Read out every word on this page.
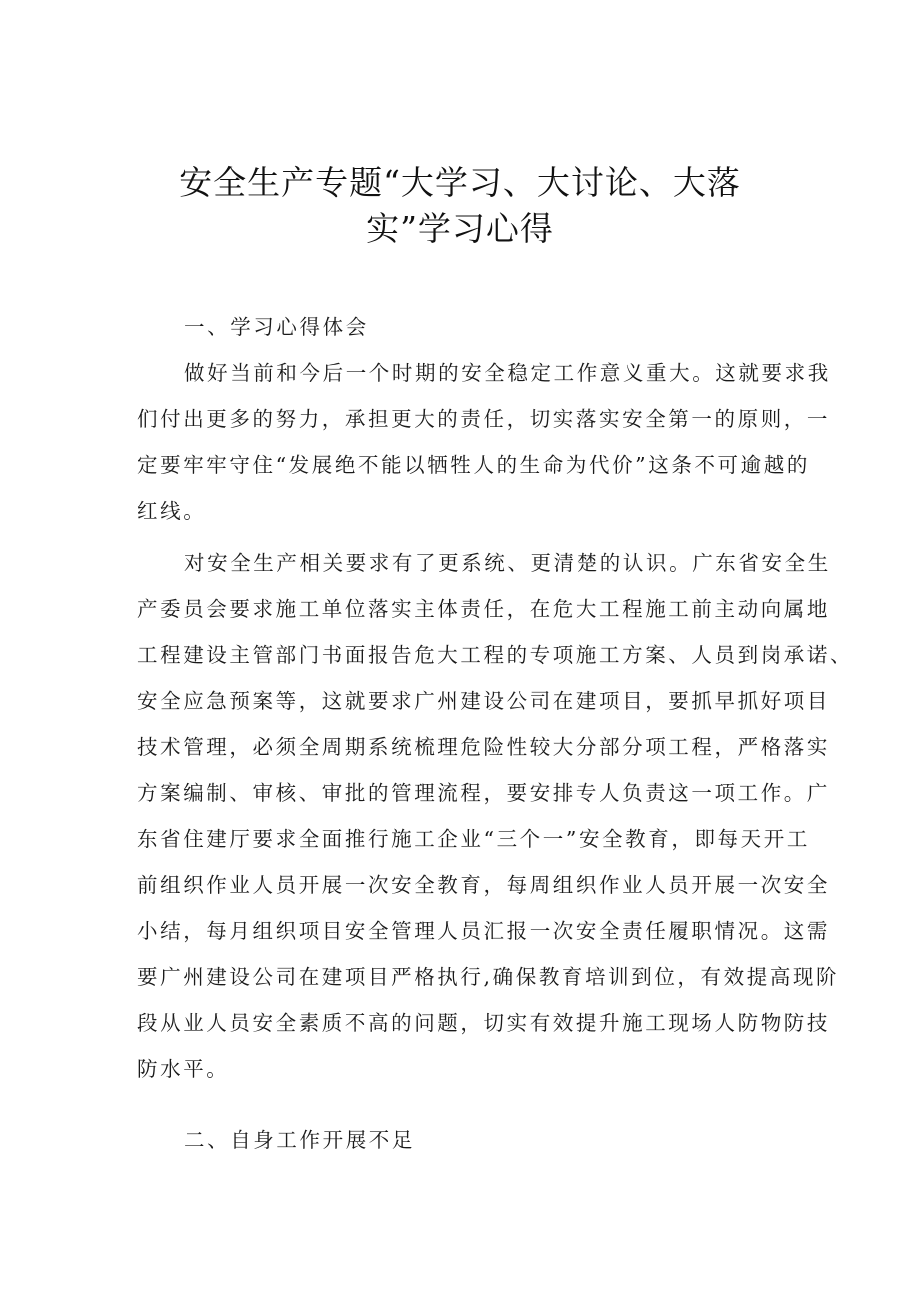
安全生产专题“大学习、大讨论、大落
实”学习心得
一、学习心得体会
做好当前和今后一个时期的安全稳定工作意义重大。这就要求我
们付出更多的努力，承担更大的责任，切实落实安全第一的原则，一
定要牢牢守住“发展绝不能以牺牲人的生命为代价”这条不可逾越的
红线。
对安全生产相关要求有了更系统、更清楚的认识。广东省安全生
产委员会要求施工单位落实主体责任，在危大工程施工前主动向属地
工程建设主管部门书面报告危大工程的专项施工方案、人员到岗承诺、
安全应急预案等，这就要求广州建设公司在建项目，要抓早抓好项目
技术管理，必须全周期系统梳理危险性较大分部分项工程，严格落实
方案编制、审核、审批的管理流程，要安排专人负责这一项工作。广
东省住建厅要求全面推行施工企业“三个一”安全教育，即每天开工
前组织作业人员开展一次安全教育，每周组织作业人员开展一次安全
小结，每月组织项目安全管理人员汇报一次安全责任履职情况。这需
要广州建设公司在建项目严格执行,确保教育培训到位，有效提高现阶
段从业人员安全素质不高的问题，切实有效提升施工现场人防物防技
防水平。
二、自身工作开展不足
